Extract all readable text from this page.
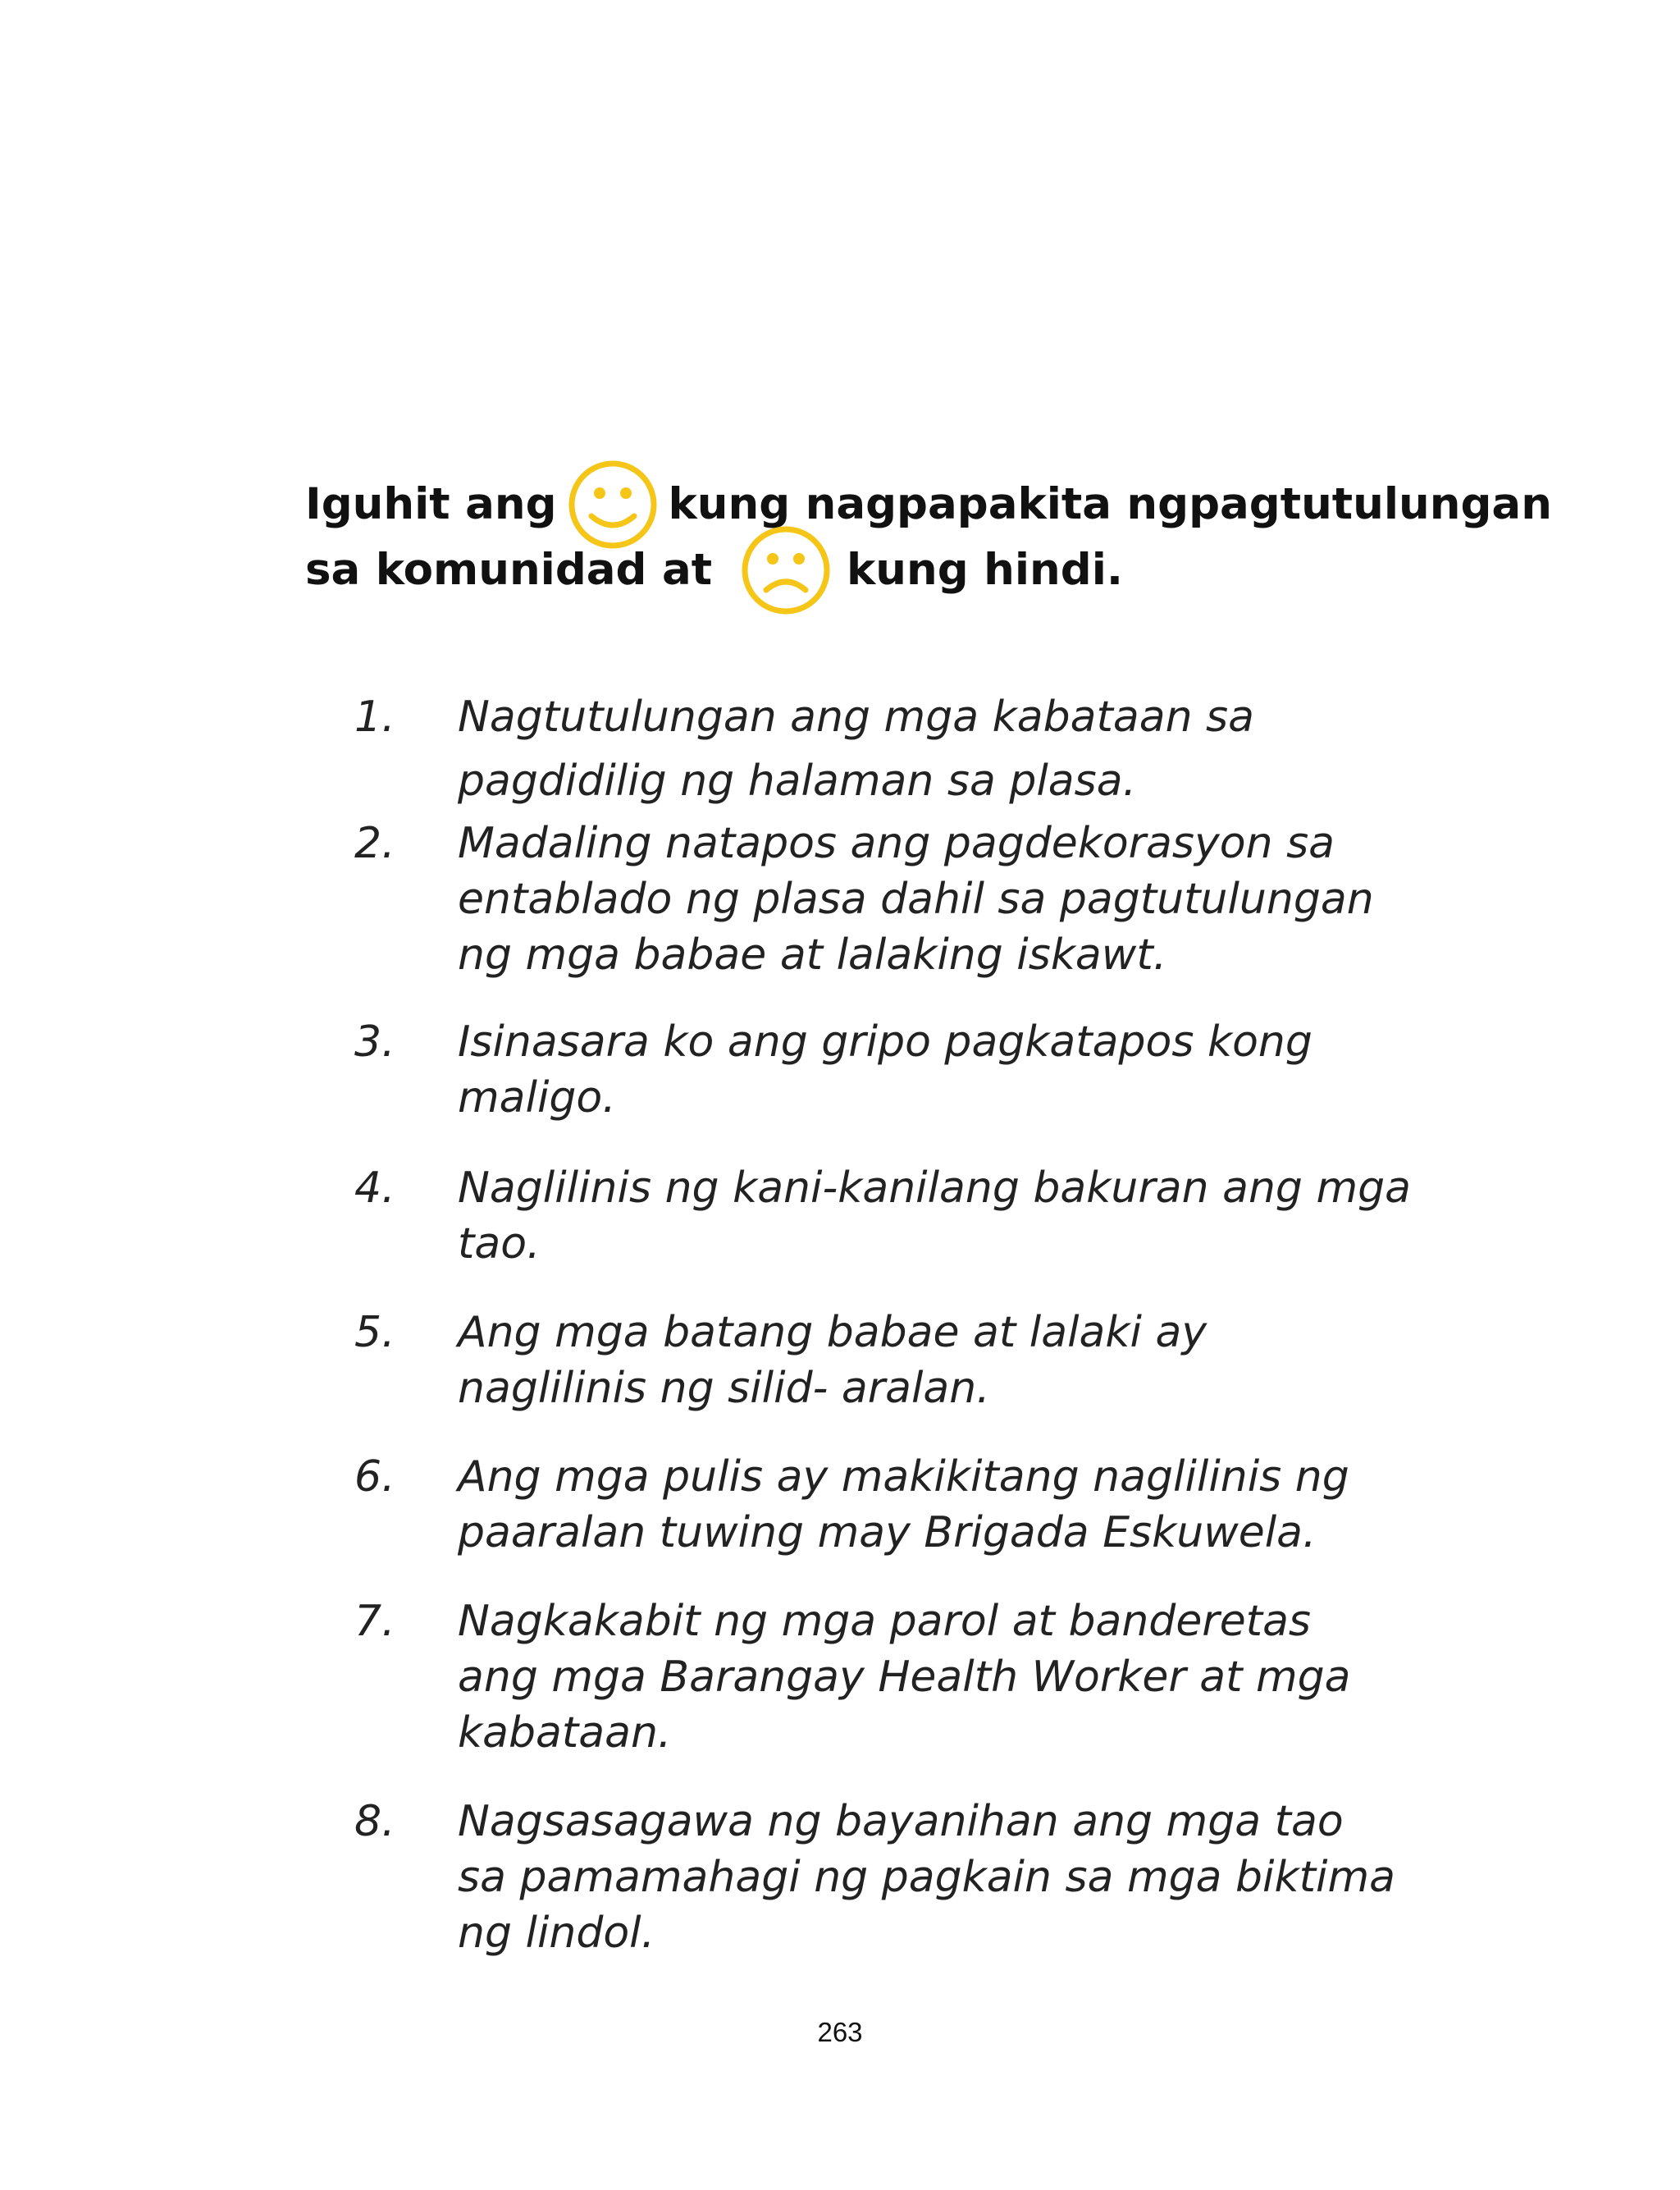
Iguhit ang	kung nagpapakita ngpagtutulungan
sa komunidad at	kung hindi.
1.	Nagtutulungan ang mga kabataan sa
pagdidilig ng halaman sa plasa.
2.	Madaling natapos ang pagdekorasyon sa
entablado ng plasa dahil sa pagtutulungan
ng mga babae at lalaking iskawt.
3.	Isinasara ko ang gripo pagkatapos kong
maligo.
4.	Naglilinis ng kani-kanilang bakuran ang mga
tao.
5.	Ang mga batang babae at lalaki ay
naglilinis ng silid- aralan.
6.	Ang mga pulis ay makikitang naglilinis ng
paaralan tuwing may Brigada Eskuwela.
7.	Nagkakabit ng mga parol at banderetas
ang mga Barangay Health Worker at mga
kabataan.
8.	Nagsasagawa ng bayanihan ang mga tao
sa pamamahagi ng pagkain sa mga biktima
ng lindol.
263
